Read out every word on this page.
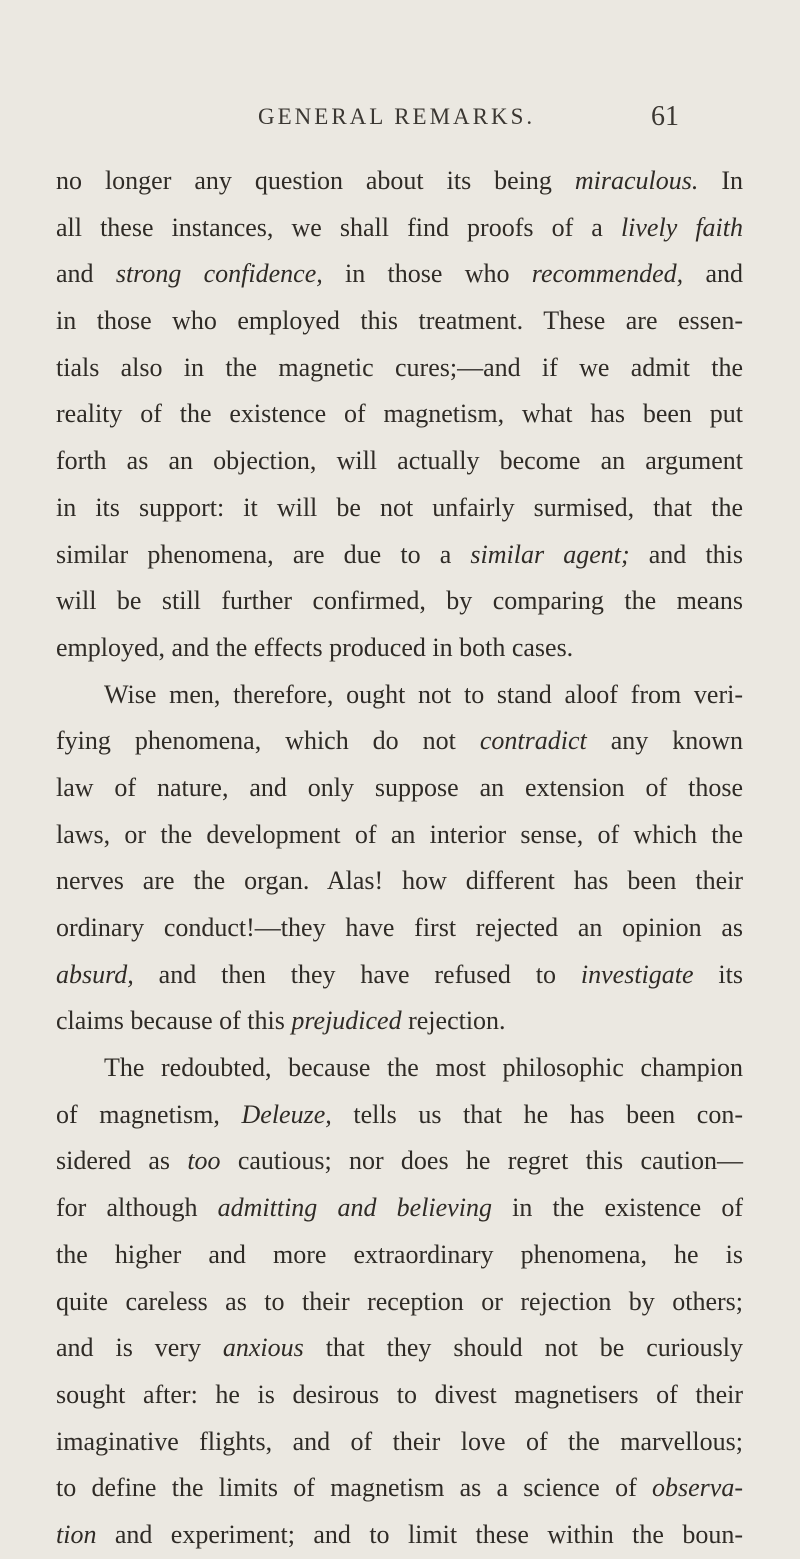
GENERAL REMARKS.	61
no longer any question about its being miraculous. In
all these instances, we shall find proofs of a lively faith
and strong confidence, in those who recommended, and
in those who employed this treatment. These are essen-
tials also in the magnetic cures;—and if we admit the
reality of the existence of magnetism, what has been put
forth as an objection, will actually become an argument
in its support: it will be not unfairly surmised, that the
similar phenomena, are due to a similar agent; and this
will be still further confirmed, by comparing the means
employed, and the effects produced in both cases.
Wise men, therefore, ought not to stand aloof from veri-
fying phenomena, which do not contradict any known
law of nature, and only suppose an extension of those
laws, or the development of an interior sense, of which the
nerves are the organ. Alas! how different has been their
ordinary conduct!—they have first rejected an opinion as
absurd, and then they have refused to investigate its
claims because of this prejudiced rejection.
The redoubted, because the most philosophic champion
of magnetism, Deleuze, tells us that he has been con-
sidered as too cautious; nor does he regret this caution—
for although admitting and believing in the existence of
the higher and more extraordinary phenomena, he is
quite careless as to their reception or rejection by others;
and is very anxious that they should not be curiously
sought after: he is desirous to divest magnetisers of their
imaginative flights, and of their love of the marvellous;
to define the limits of magnetism as a science of observa-
tion and experiment; and to limit these within the boun-
